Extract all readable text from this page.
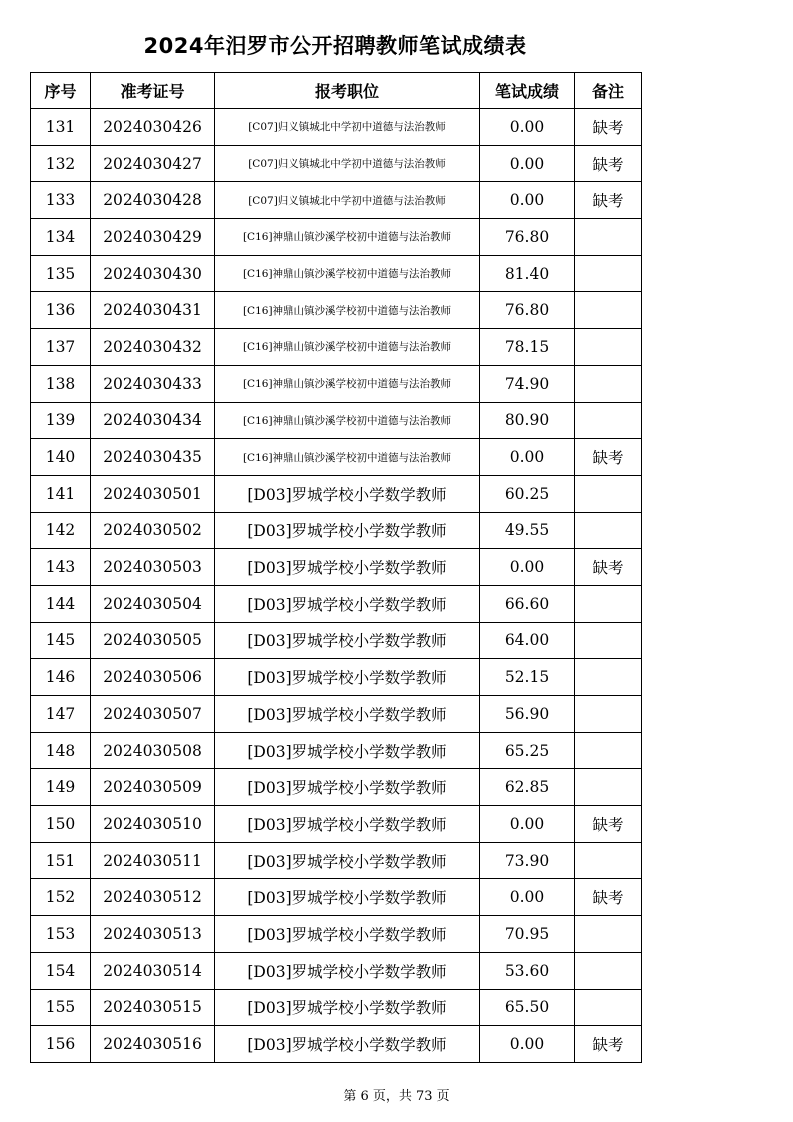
2024年汨罗市公开招聘教师笔试成绩表
序号	准考证号	报考职位	笔试成绩	备注
131	2024030426	[C07]归义镇城北中学初中道德与法治教师	0.00	缺考
132	2024030427	[C07]归义镇城北中学初中道德与法治教师	0.00	缺考
133	2024030428	[C07]归义镇城北中学初中道德与法治教师	0.00	缺考
134	2024030429	[C16]神鼎山镇沙溪学校初中道德与法治教师	76.80	
135	2024030430	[C16]神鼎山镇沙溪学校初中道德与法治教师	81.40	
136	2024030431	[C16]神鼎山镇沙溪学校初中道德与法治教师	76.80	
137	2024030432	[C16]神鼎山镇沙溪学校初中道德与法治教师	78.15	
138	2024030433	[C16]神鼎山镇沙溪学校初中道德与法治教师	74.90	
139	2024030434	[C16]神鼎山镇沙溪学校初中道德与法治教师	80.90	
140	2024030435	[C16]神鼎山镇沙溪学校初中道德与法治教师	0.00	缺考
141	2024030501	[D03]罗城学校小学数学教师	60.25	
142	2024030502	[D03]罗城学校小学数学教师	49.55	
143	2024030503	[D03]罗城学校小学数学教师	0.00	缺考
144	2024030504	[D03]罗城学校小学数学教师	66.60	
145	2024030505	[D03]罗城学校小学数学教师	64.00	
146	2024030506	[D03]罗城学校小学数学教师	52.15	
147	2024030507	[D03]罗城学校小学数学教师	56.90	
148	2024030508	[D03]罗城学校小学数学教师	65.25	
149	2024030509	[D03]罗城学校小学数学教师	62.85	
150	2024030510	[D03]罗城学校小学数学教师	0.00	缺考
151	2024030511	[D03]罗城学校小学数学教师	73.90	
152	2024030512	[D03]罗城学校小学数学教师	0.00	缺考
153	2024030513	[D03]罗城学校小学数学教师	70.95	
154	2024030514	[D03]罗城学校小学数学教师	53.60	
155	2024030515	[D03]罗城学校小学数学教师	65.50	
156	2024030516	[D03]罗城学校小学数学教师	0.00	缺考
第 6 页，共 73 页
